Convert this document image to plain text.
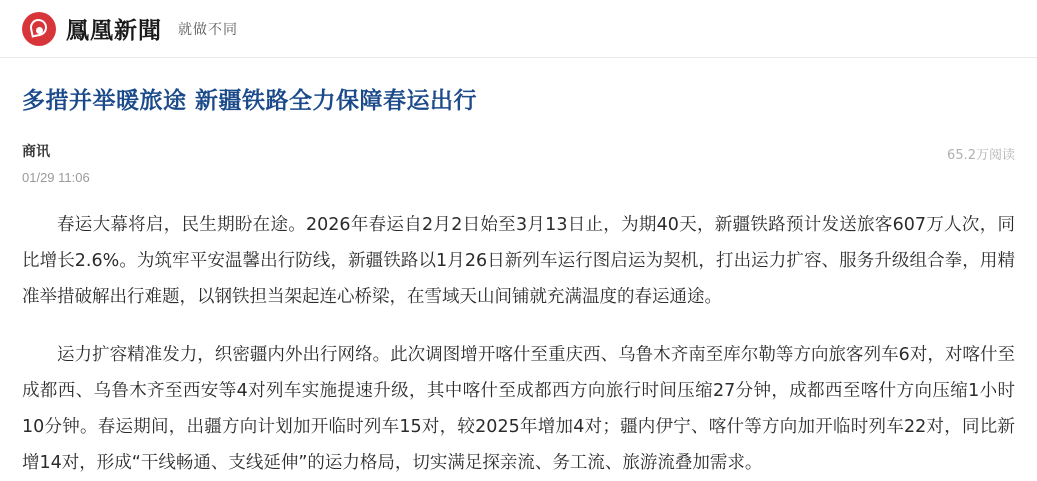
鳳凰新聞 就做不同
多措并举暖旅途 新疆铁路全力保障春运出行
商讯
01/29 11:06
65.2万阅读

春运大幕将启，民生期盼在途。2026年春运自2月2日始至3月13日止，为期40天，新疆铁路预计发送旅客607万人次，同比增长2.6%。为筑牢平安温馨出行防线，新疆铁路以1月26日新列车运行图启运为契机，打出运力扩容、服务升级组合拳，用精准举措破解出行难题，以钢铁担当架起连心桥梁，在雪域天山间铺就充满温度的春运通途。

运力扩容精准发力，织密疆内外出行网络。此次调图增开喀什至重庆西、乌鲁木齐南至库尔勒等方向旅客列车6对，对喀什至成都西、乌鲁木齐至西安等4对列车实施提速升级，其中喀什至成都西方向旅行时间压缩27分钟，成都西至喀什方向压缩1小时10分钟。春运期间，出疆方向计划加开临时列车15对，较2025年增加4对；疆内伊宁、喀什等方向加开临时列车22对，同比新增14对，形成“干线畅通、支线延伸”的运力格局，切实满足探亲流、务工流、旅游流叠加需求。
